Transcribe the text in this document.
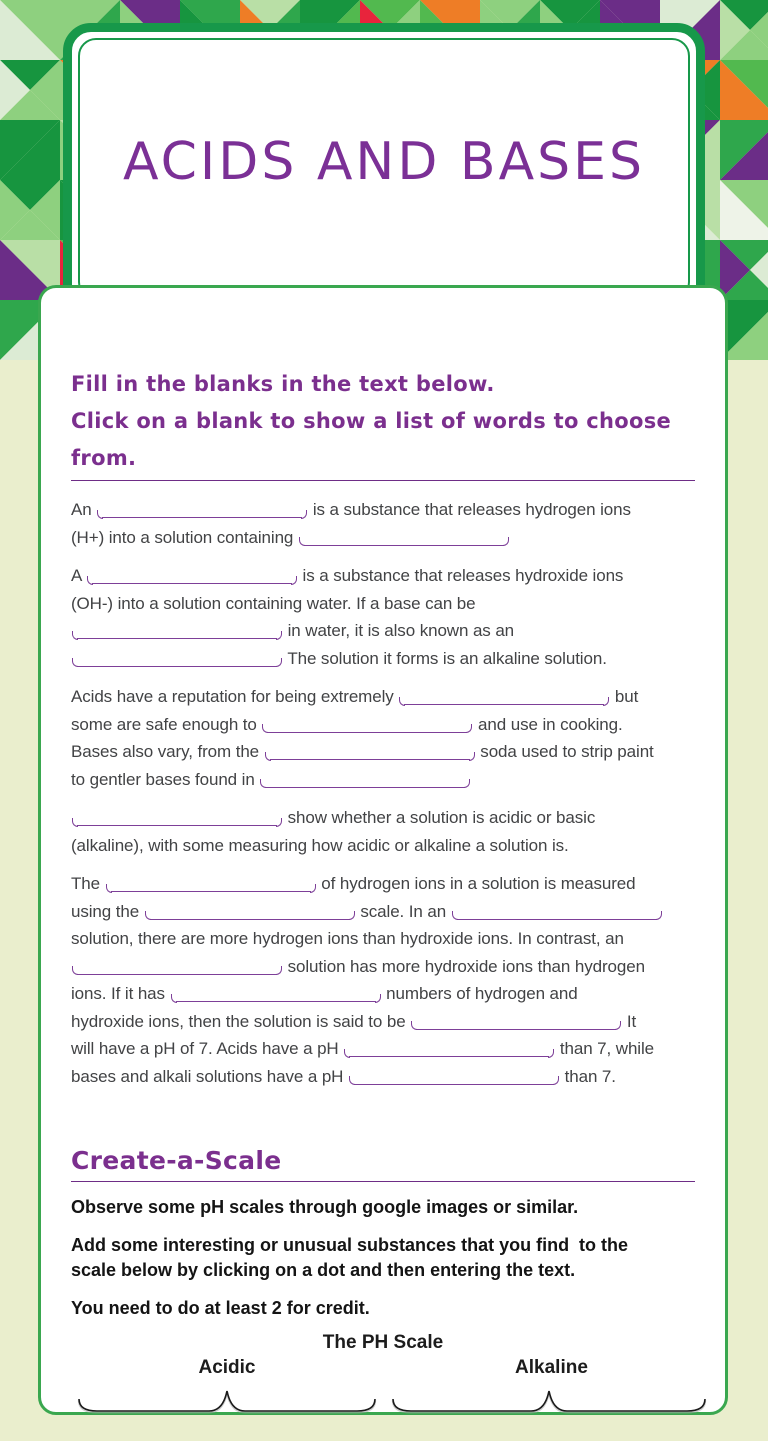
ACIDS AND BASES
Fill in the blanks in the text below.
Click on a blank to show a list of words to choose from.
An	is a substance that releases hydrogen ions
(H+) into a solution containing
A	is a substance that releases hydroxide ions
(OH-) into a solution containing water. If a base can be
in water, it is also known as an
The solution it forms is an alkaline solution.
Acids have a reputation for being extremely	but
some are safe enough to	and use in cooking.
Bases also vary, from the	soda used to strip paint
to gentler bases found in
show whether a solution is acidic or basic
(alkaline), with some measuring how acidic or alkaline a solution is.
The	of hydrogen ions in a solution is measured
using the	scale. In an
solution, there are more hydrogen ions than hydroxide ions. In contrast, an
solution has more hydroxide ions than hydrogen
ions. If it has	numbers of hydrogen and
hydroxide ions, then the solution is said to be	It
will have a pH of 7. Acids have a pH	than 7, while
bases and alkali solutions have a pH	than 7.
Create-a-Scale

Observe some pH scales through google images or similar.

Add some interesting or unusual substances that you find  to the
scale below by clicking on a dot and then entering the text.

You need to do at least 2 for credit.

The PH Scale
Acidic	Alkaline
